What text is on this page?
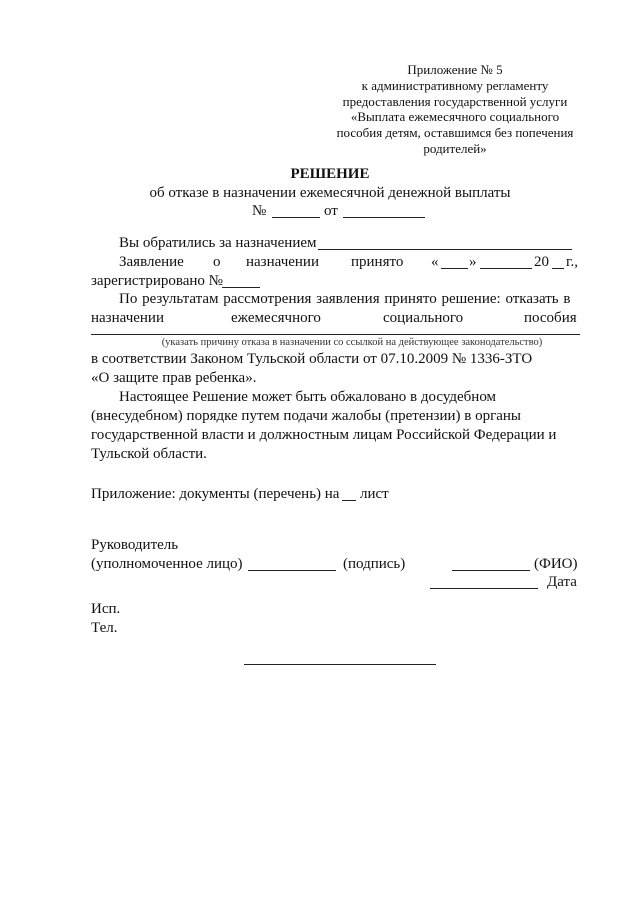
Приложение № 5
к административному регламенту
предоставления государственной услуги
«Выплата ежемесячного социального
пособия детям, оставшимся без попечения
родителей»
РЕШЕНИЕ
об отказе в назначении ежемесячной денежной выплаты
№	от
Вы обратились за назначением
Заявление о назначении принято « »	20 г.,
зарегистрировано №
По результатам рассмотрения заявления принято решение: отказать в
назначении	ежемесячного	социального	пособия
(указать причину отказа в назначении со ссылкой на действующее законодательство)
в соответствии Законом Тульской области от 07.10.2009 № 1336-ЗТО
«О защите прав ребенка».
Настоящее Решение может быть обжаловано в досудебном
(внесудебном) порядке путем подачи жалобы (претензии) в органы
государственной власти и должностным лицам Российской Федерации и
Тульской области.
Приложение: документы (перечень) на лист
Руководитель
(уполномоченное лицо)	(подпись)	(ФИО)
Дата
Исп.
Тел.
